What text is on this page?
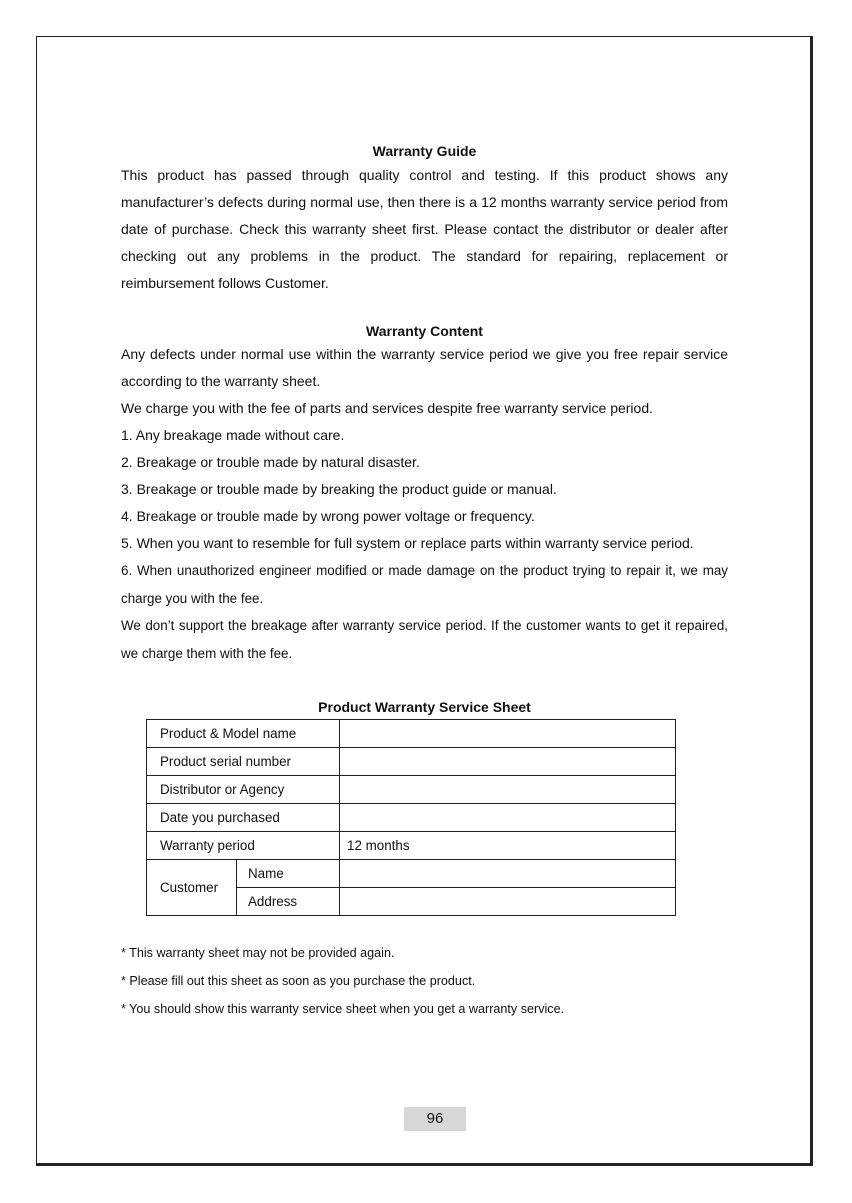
Warranty Guide

This product has passed through quality control and testing. If this product shows any manufacturer’s defects during normal use, then there is a 12 months warranty service period from date of purchase. Check this warranty sheet first. Please contact the distributor or dealer after checking out any problems in the product. The standard for repairing, replacement or reimbursement follows Customer.

Warranty Content

Any defects under normal use within the warranty service period we give you free repair service according to the warranty sheet.

We charge you with the fee of parts and services despite free warranty service period.

1. Any breakage made without care.

2. Breakage or trouble made by natural disaster.

3. Breakage or trouble made by breaking the product guide or manual.

4. Breakage or trouble made by wrong power voltage or frequency.

5. When you want to resemble for full system or replace parts within warranty service period.

6. When unauthorized engineer modified or made damage on the product trying to repair it, we may charge you with the fee.

We don’t support the breakage after warranty service period. If the customer wants to get it repaired, we charge them with the fee.

Product Warranty Service Sheet

Product & Model name		
Product serial number		
Distributor or Agency		
Date you purchased		
Warranty period		12 months
Customer	Name	
	Address	

* This warranty sheet may not be provided again.

* Please fill out this sheet as soon as you purchase the product.

* You should show this warranty service sheet when you get a warranty service.

96
